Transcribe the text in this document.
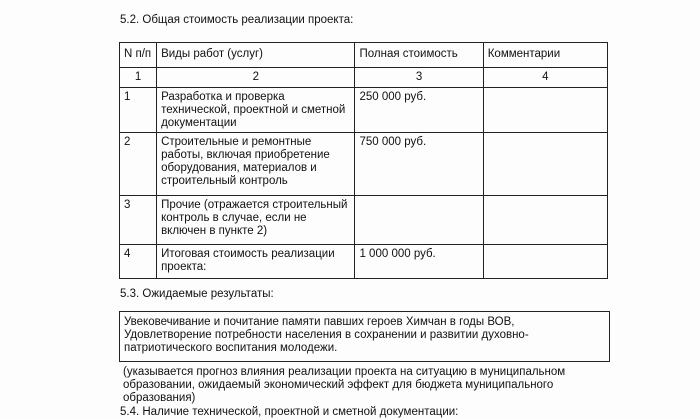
5.2. Общая стоимость реализации проекта:
N п/п	Виды работ (услуг)	Полная стоимость	Комментарии
1	2	3	4
1	Разработка и проверка технической, проектной и сметной документации	250 000 руб.	
2	Строительные и ремонтные работы, включая приобретение оборудования, материалов и строительный контроль	750 000 руб.	
3	Прочие (отражается строительный контроль в случае, если не включен в пункте 2)		
4	Итоговая стоимость реализации проекта:	1 000 000 руб.	
5.3. Ожидаемые результаты:
Увековечивание и почитание памяти павших героев Химчан в годы ВОВ, Удовлетворение потребности населения в сохранении и развитии духовно-патриотического воспитания молодежи.
(указывается прогноз влияния реализации проекта на ситуацию в муниципальном образовании, ожидаемый экономический эффект для бюджета муниципального образования)
5.4. Наличие технической, проектной и сметной документации:
